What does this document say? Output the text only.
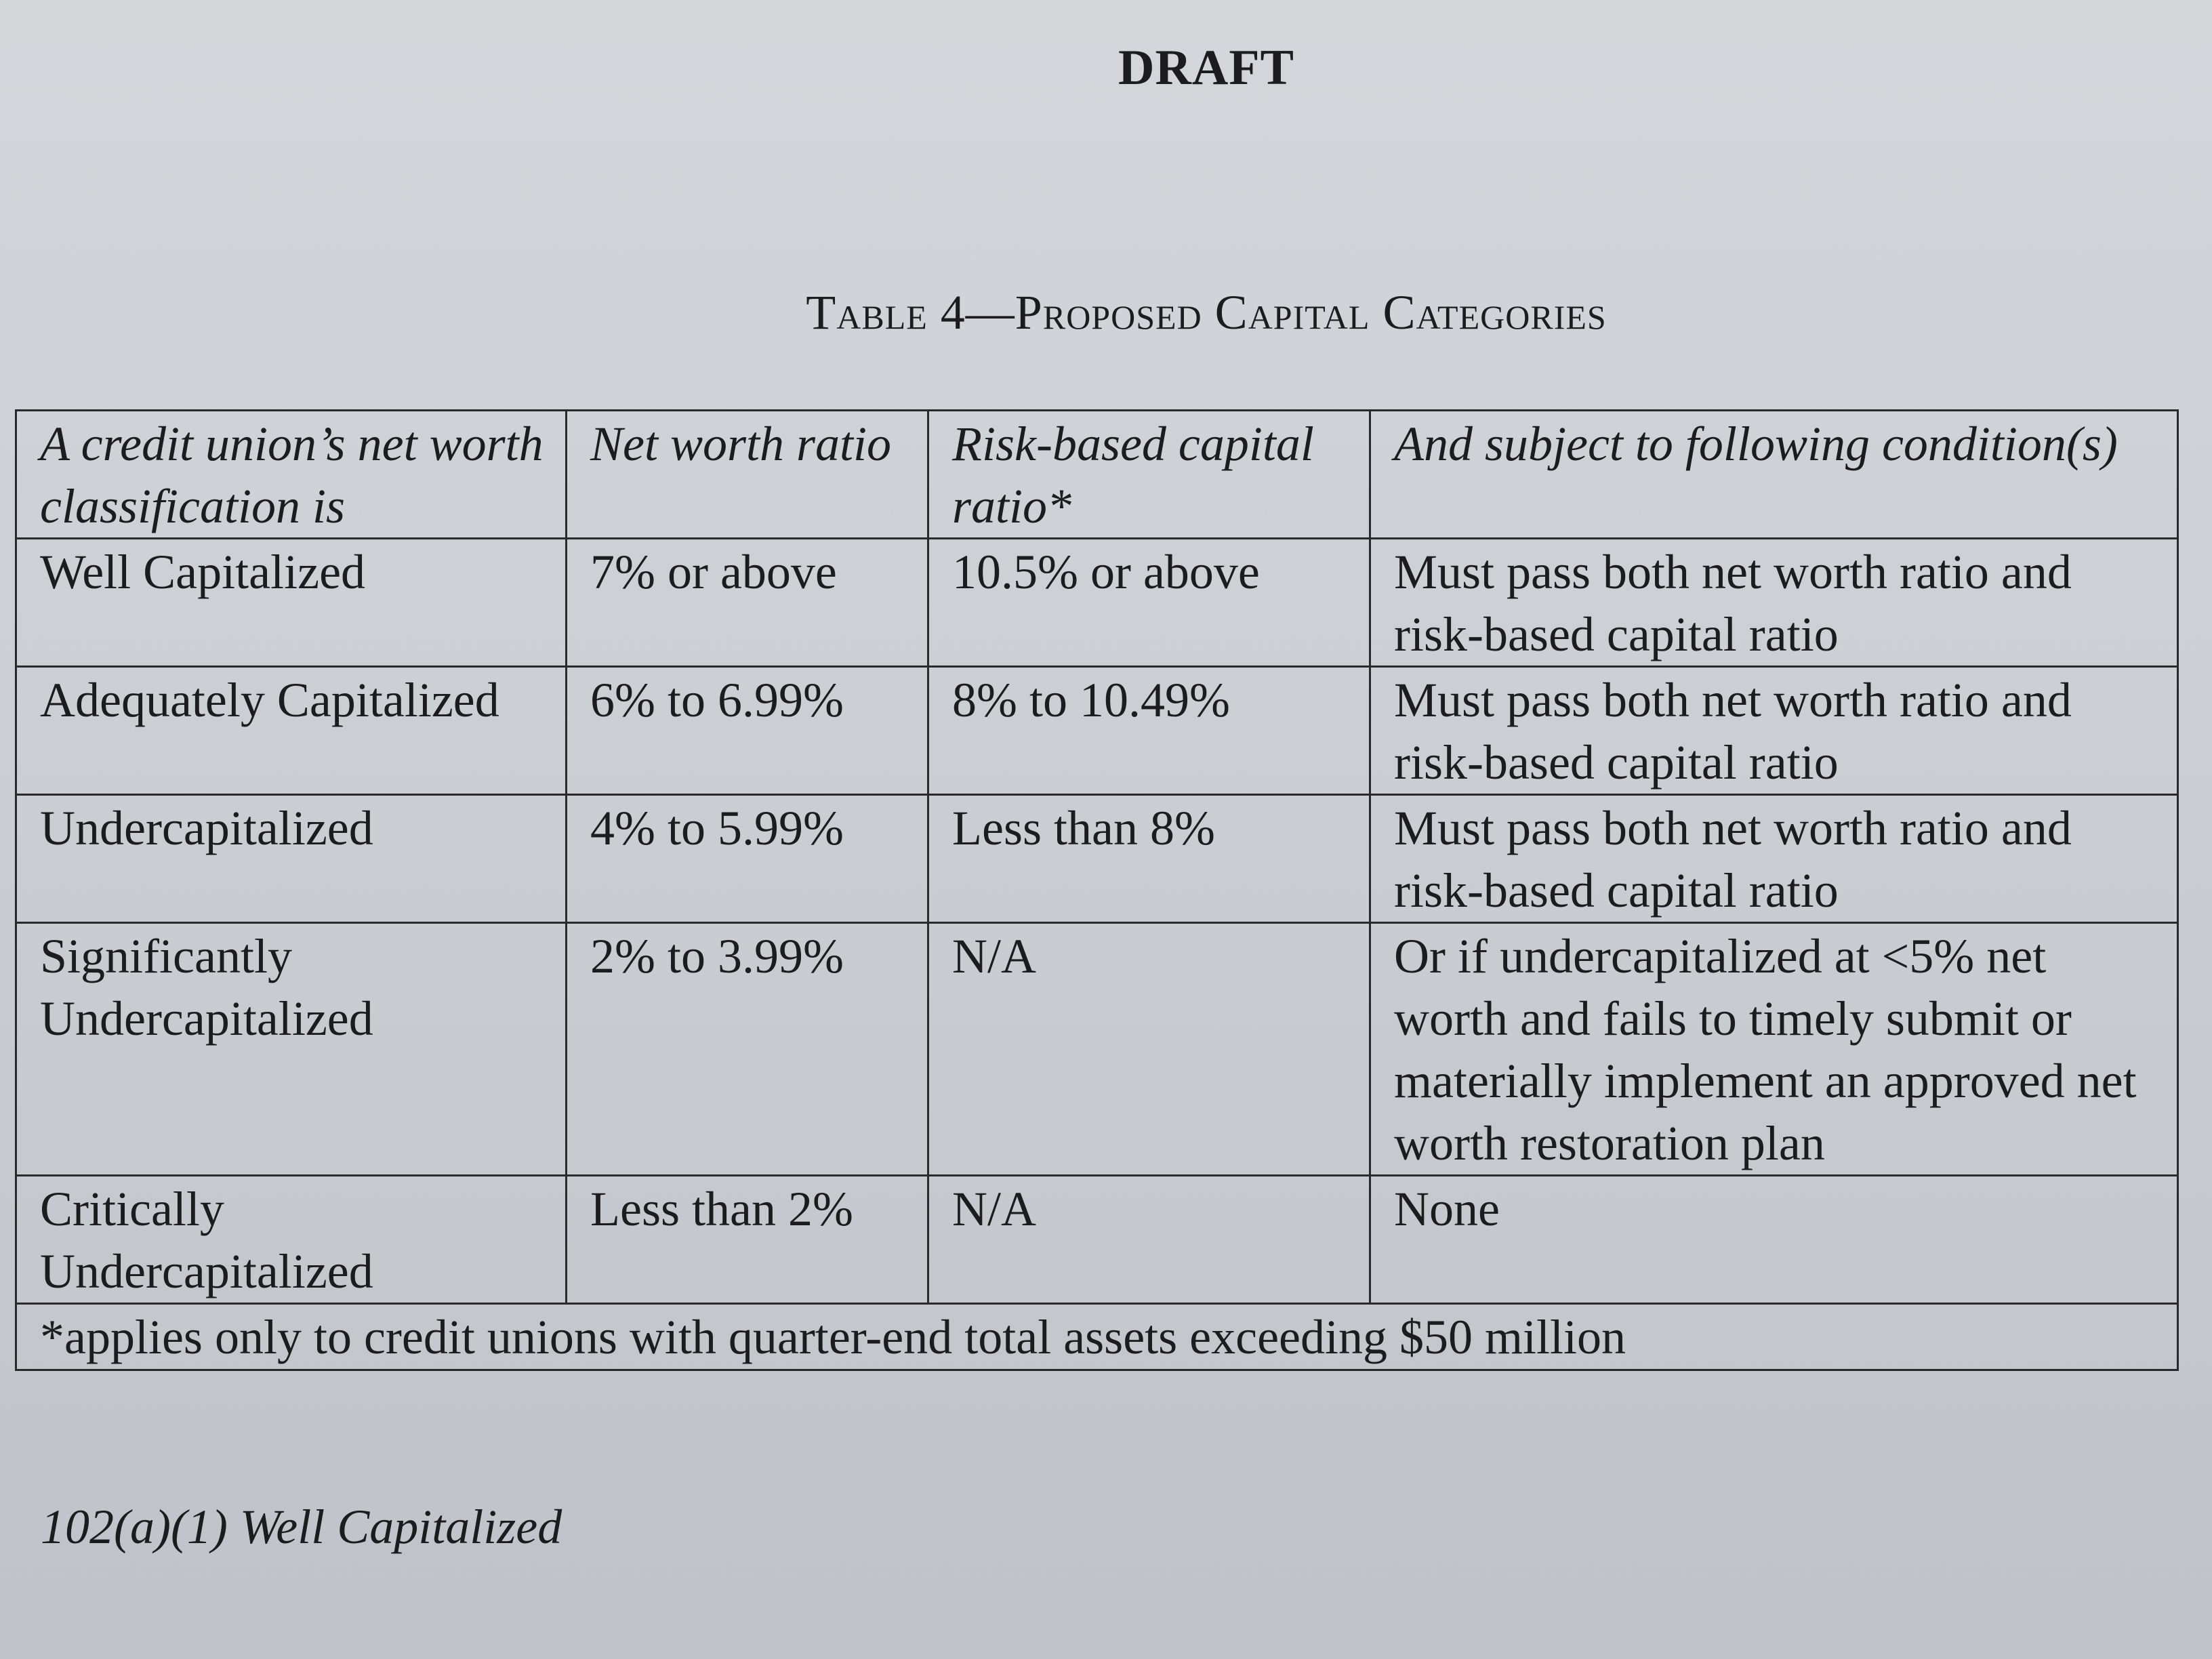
DRAFT
Table 4—Proposed Capital Categories
A credit union’s net worth classification is	Net worth ratio	Risk-based capital ratio*	And subject to following condition(s)
Well Capitalized	7% or above	10.5% or above	Must pass both net worth ratio and risk-based capital ratio
Adequately Capitalized	6% to 6.99%	8% to 10.49%	Must pass both net worth ratio and risk-based capital ratio
Undercapitalized	4% to 5.99%	Less than 8%	Must pass both net worth ratio and risk-based capital ratio
Significantly Undercapitalized	2% to 3.99%	N/A	Or if undercapitalized at <5% net worth and fails to timely submit or materially implement an approved net worth restoration plan
Critically Undercapitalized	Less than 2%	N/A	None
*applies only to credit unions with quarter-end total assets exceeding $50 million			
102(a)(1) Well Capitalized
